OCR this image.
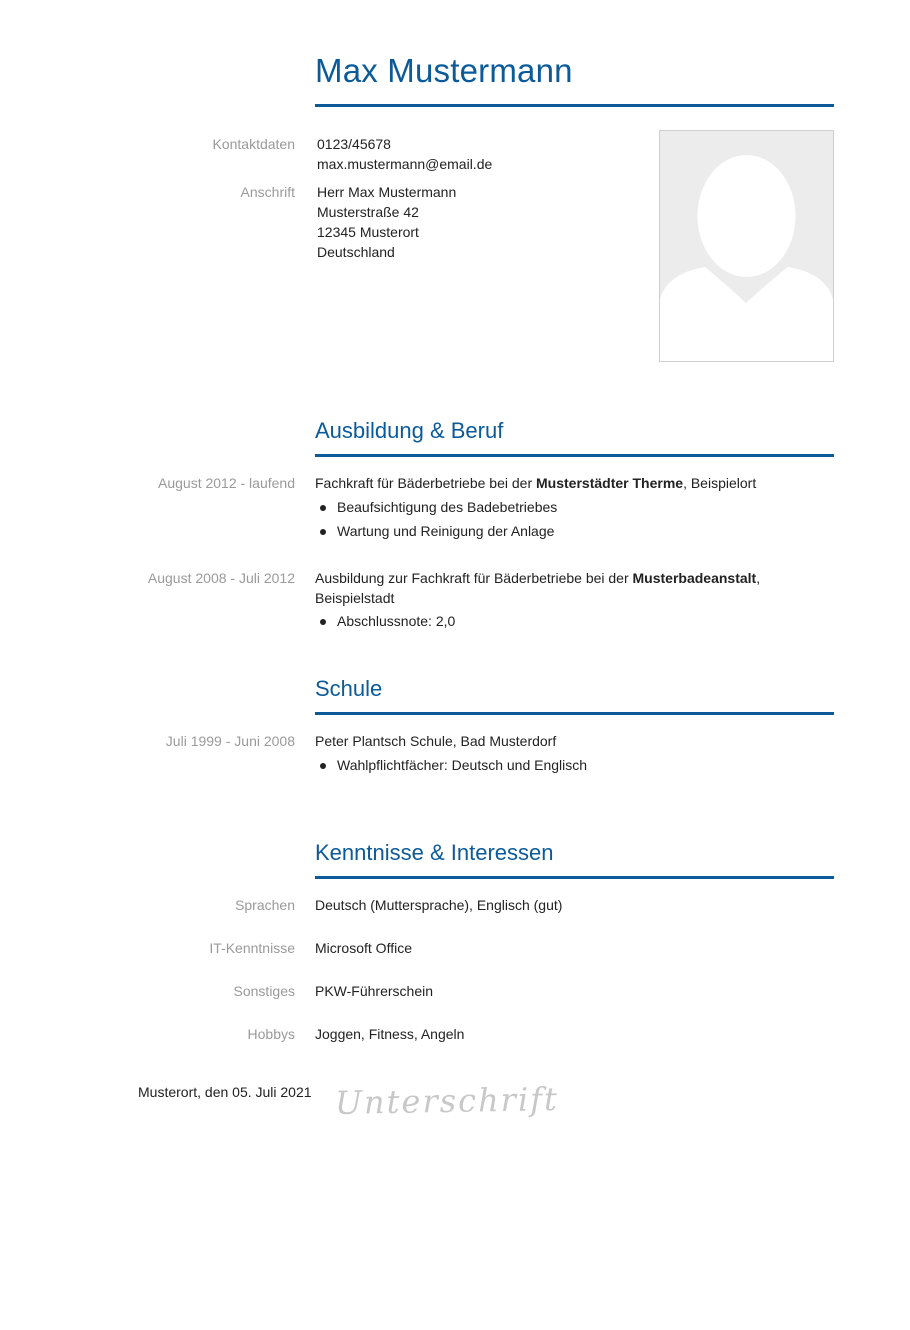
Max Mustermann
Kontaktdaten 0123/45678
max.mustermann@email.de
Anschrift Herr Max Mustermann
Musterstraße 42
12345 Musterort
Deutschland
Ausbildung & Beruf
August 2012 - laufend Fachkraft für Bäderbetriebe bei der Musterstädter Therme, Beispielort
Beaufsichtigung des Badebetriebes
Wartung und Reinigung der Anlage
August 2008 - Juli 2012 Ausbildung zur Fachkraft für Bäderbetriebe bei der Musterbadeanstalt, Beispielstadt
Abschlussnote: 2,0
Schule
Juli 1999 - Juni 2008 Peter Plantsch Schule, Bad Musterdorf
Wahlpflichtfächer: Deutsch und Englisch
Kenntnisse & Interessen
Sprachen Deutsch (Muttersprache), Englisch (gut)
IT-Kenntnisse Microsoft Office
Sonstiges PKW-Führerschein
Hobbys Joggen, Fitness, Angeln
Musterort, den 05. Juli 2021 Unterschrift
